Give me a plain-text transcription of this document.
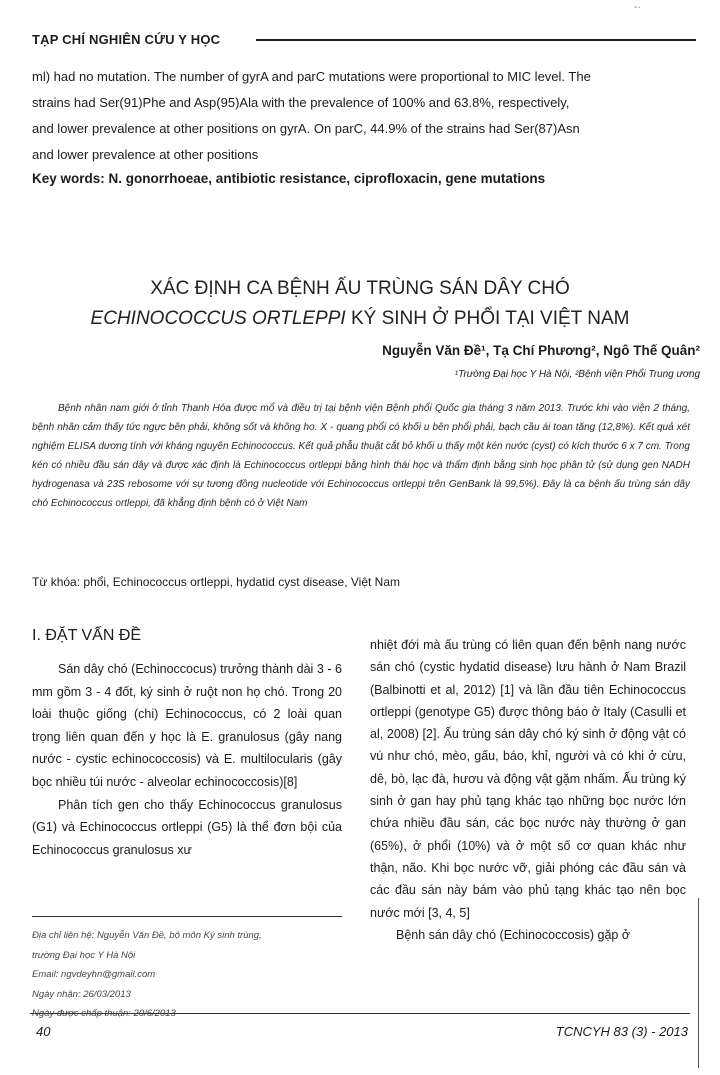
-·
TẠP CHÍ NGHIÊN CỨU Y HỌC

ml) had no mutation. The number of gyrA and parC mutations were proportional to MIC level. The

strains had Ser(91)Phe and Asp(95)Ala with the prevalence of 100% and 63.8%, respectively,

and lower prevalence at other positions on gyrA. On parC, 44.9% of the strains had Ser(87)Asn

and lower prevalence at other positions

Key words: N. gonorrhoeae, antibiotic resistance, ciprofloxacin, gene mutations
XÁC ĐỊNH CA BỆNH ẤU TRÙNG SÁN DÂY CHÓ
ECHINOCOCCUS ORTLEPPI KÝ SINH Ở PHỔI TẠI VIỆT NAM
Nguyễn Văn Đề¹, Tạ Chí Phương², Ngô Thế Quân²
¹Trường Đại học Y Hà Nội, ²Bệnh viện Phổi Trung ương
Bệnh nhân nam giới ở tỉnh Thanh Hóa được mổ và điều trị tại bệnh viện Bệnh phổi Quốc gia tháng 3 năm 2013. Trước khi vào viện 2 tháng, bệnh nhân cảm thấy tức ngực bên phải, không sốt và không ho. X - quang phổi có khối u bên phổi phải, bạch cầu ái toan tăng (12,8%). Kết quả xét nghiệm ELISA dương tính với kháng nguyên Echinococcus. Kết quả phẫu thuật cắt bỏ khối u thấy một kén nước (cyst) có kích thước 6 x 7 cm. Trong kén có nhiều đầu sán dây và được xác định là Echinococcus ortleppi bằng hình thái học và thẩm định bằng sinh học phân tử (sử dụng gen NADH hydrogenasa và 23S rebosome với sự tương đồng nucleotide với Echinococcus ortleppi trên GenBank là 99,5%). Đây là ca bệnh ấu trùng sán dây chó Echinococcus ortleppi, đã khẳng định bệnh có ở Việt Nam
Từ khóa: phổi, Echinococcus ortleppi, hydatid cyst disease, Việt Nam
I. ĐẶT VẤN ĐỀ

Sán dây chó (Echinoccocus) trưởng thành dài 3 - 6 mm gồm 3 - 4 đốt, ký sinh ở ruột non họ chó. Trong 20 loài thuộc giống (chi) Echinococcus, có 2 loài quan trọng liên quan đến y học là E. granulosus (gây nang nước - cystic echinococcosis) và E. multilocularis (gây bọc nhiều túi nước - alveolar echinococcosis)[8]

Phân tích gen cho thấy Echinococcus granulosus (G1) và Echinococcus ortleppi (G5) là thể đơn bội của Echinococcus granulosus xư

nhiệt đới mà ấu trùng có liên quan đến bệnh nang nước sán chó (cystic hydatid disease) lưu hành ở Nam Brazil (Balbinotti et al, 2012) [1] và lần đầu tiên Echinococcus ortleppi (genotype G5) được thông báo ở Italy (Casulli et al, 2008) [2]. Ấu trùng sán dây chó ký sinh ở động vật có vú như chó, mèo, gấu, báo, khỉ, người và có khi ở cừu, dê, bò, lạc đà, hươu và động vật gặm nhấm. Ấu trùng ký sinh ở gan hay phủ tạng khác tạo những bọc nước lớn chứa nhiều đầu sán, các bọc nước này thường ở gan (65%), ở phổi (10%) và ở một số cơ quan khác như thận, não. Khi bọc nước vỡ, giải phóng các đầu sán và các đầu sán này bám vào phủ tạng khác tạo nên bọc nước mới [3, 4, 5]

Bệnh sán dây chó (Echinococcosis) gặp ở

Địa chỉ liên hệ: Nguyễn Văn Đề, bộ môn Ký sinh trùng,
trường Đại học Y Hà Nội
Email: ngvdeyhn@gmail.com
Ngày nhận: 26/03/2013
40	TCNCYH 83 (3) - 2013
